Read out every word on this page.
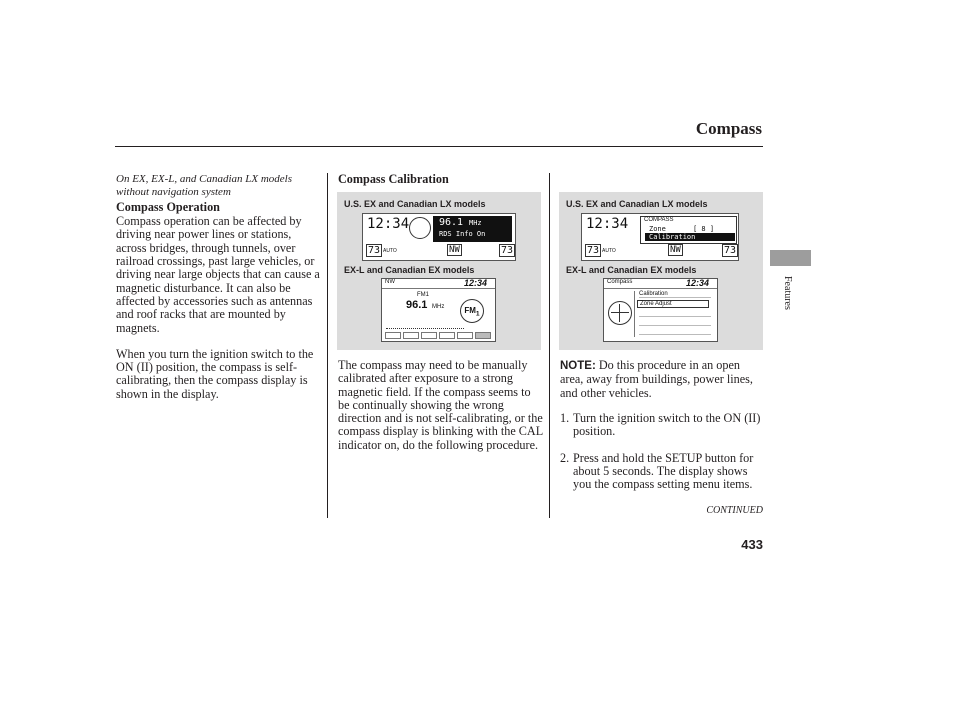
Compass
Features
On EX, EX-L, and Canadian LX models without navigation system
Compass Operation
Compass operation can be affected by driving near power lines or stations, across bridges, through tunnels, over railroad crossings, past large vehicles, or driving near large objects that can cause a magnetic disturbance. It can also be affected by accessories such as antennas and roof racks that are mounted by magnets.
When you turn the ignition switch to the ON (II) position, the compass is self-calibrating, then the compass display is shown in the display.
Compass Calibration
U.S. EX and Canadian LX models
12:34	96.1 MHz
RDS Info On
73 AUTO	NW	73
EX-L and Canadian EX models
NW	12:34
FM1
96.1 MHz	$FM_1$
The compass may need to be manually calibrated after exposure to a strong magnetic field. If the compass seems to be continually showing the wrong direction and is not self-calibrating, or the compass display is blinking with the CAL indicator on, do the following procedure.
U.S. EX and Canadian LX models
12:34	COMPASS
Zone	[ 8 ]
Calibration
73 AUTO	NW	73
EX-L and Canadian EX models
Compass	12:34
Calibration
Zone Adjust
NOTE: Do this procedure in an open area, away from buildings, power lines, and other vehicles.
1. Turn the ignition switch to the ON (II) position.
2. Press and hold the SETUP button for about 5 seconds. The display shows you the compass setting menu items.
CONTINUED
433
